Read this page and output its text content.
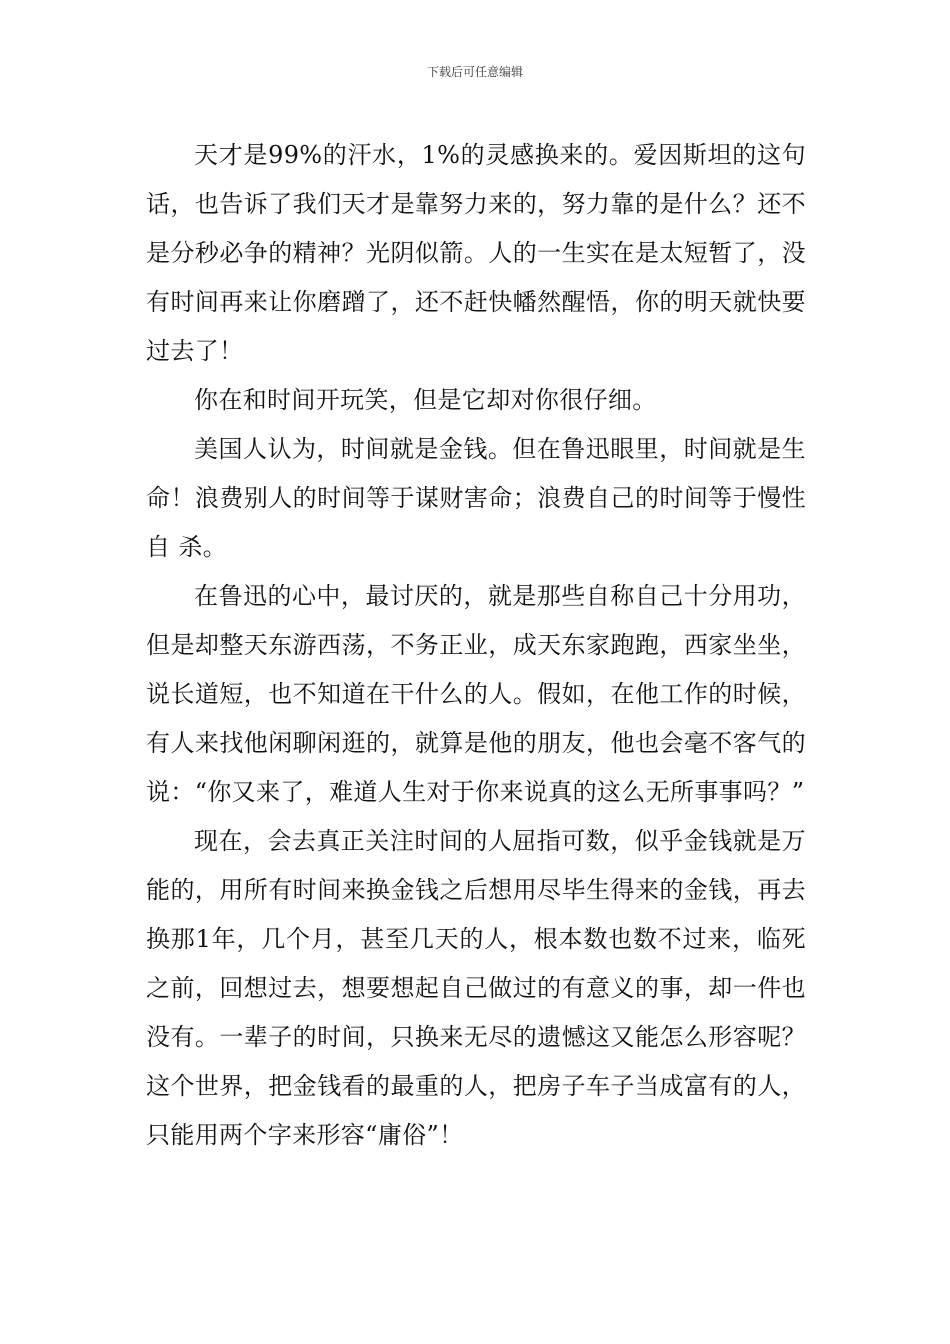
下载后可任意编辑

天才是99%的汗水，1%的灵感换来的。爱因斯坦的这句话，也告诉了我们天才是靠努力来的，努力靠的是什么？还不是分秒必争的精神？光阴似箭。人的一生实在是太短暂了，没有时间再来让你磨蹭了，还不赶快幡然醒悟，你的明天就快要过去了！

你在和时间开玩笑，但是它却对你很仔细。

美国人认为，时间就是金钱。但在鲁迅眼里，时间就是生命！浪费别人的时间等于谋财害命；浪费自己的时间等于慢性自 杀。

在鲁迅的心中，最讨厌的，就是那些自称自己十分用功，但是却整天东游西荡，不务正业，成天东家跑跑，西家坐坐，说长道短，也不知道在干什么的人。假如，在他工作的时候，有人来找他闲聊闲逛的，就算是他的朋友，他也会毫不客气的说：“你又来了，难道人生对于你来说真的这么无所事事吗？”

现在，会去真正关注时间的人屈指可数，似乎金钱就是万能的，用所有时间来换金钱之后想用尽毕生得来的金钱，再去换那1年，几个月，甚至几天的人，根本数也数不过来，临死之前，回想过去，想要想起自己做过的有意义的事，却一件也没有。一辈子的时间，只换来无尽的遗憾这又能怎么形容呢？这个世界，把金钱看的最重的人，把房子车子当成富有的人，只能用两个字来形容“庸俗”！
